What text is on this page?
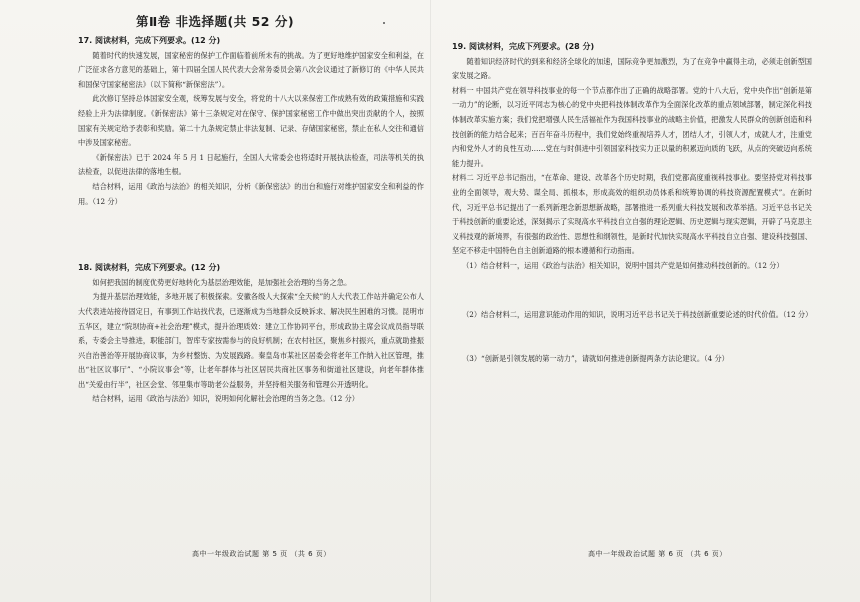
第Ⅱ卷 非选择题(共 52 分)

17. 阅读材料，完成下列要求。(12 分)

随着时代的快速发展，国家秘密的保护工作面临着前所未有的挑战。为了更好地维护国家安全和利益，在广泛征求各方意见的基础上，第十四届全国人民代表大会常务委员会第八次会议通过了新修订的《中华人民共和国保守国家秘密法》（以下简称“新保密法”）。

此次修订坚持总体国家安全观，统筹发展与安全，将党的十八大以来保密工作成熟有效的政策措施和实践经验上升为法律制度。《新保密法》第十三条规定对在保守、保护国家秘密工作中做出突出贡献的个人，按照国家有关规定给予表彰和奖励。第二十九条规定禁止非法复制、记录、存储国家秘密，禁止在私人交往和通信中涉及国家秘密。

《新保密法》已于 2024 年 5 月 1 日起施行，全国人大常委会也将适时开展执法检查，司法等机关的执法检查，以促进法律的落地生根。

结合材料，运用《政治与法治》的相关知识，分析《新保密法》的出台和施行对维护国家安全和利益的作用。（12 分）

18. 阅读材料，完成下列要求。(12 分)

如何把我国的制度优势更好地转化为基层治理效能，是加强社会治理的当务之急。

为提升基层治理效能，多地开展了积极探索。安徽各级人大探索“全天候”的人大代表工作站并确定公布人大代表进站接待固定日，有事到工作站找代表，已逐渐成为当地群众反映诉求、解决民生困难的习惯。昆明市五华区，建立“院坝协商+社会治理”模式，提升治理质效：建立工作协同平台，形成政协主席会议成员指导联系，专委会主导推进，职能部门，智库专家按需参与的良好机制；在农村社区，聚焦乡村振兴，重点就助推振兴自治善治等开展协商议事，为乡村整饬、为发展践路。秦皇岛市某社区居委会将老年工作纳入社区管理，推出“社区议事厅”、“小院议事会”等，让老年群体与社区居民共商社区事务和街道社区建设，向老年群体推出“关爱由行半”，社区会堂、邻里集市等助老公益服务，并坚持相关服务和管理公开透明化。

结合材料，运用《政治与法治》知识，说明如何化解社会治理的当务之急。（12 分）

19. 阅读材料，完成下列要求。(28 分)

随着知识经济时代的到来和经济全球化的加速，国际竞争更加激烈，为了在竞争中赢得主动，必须走创新型国家发展之路。

材料一 中国共产党在领导科技事业的每一个节点都作出了正确的战略部署。党的十八大后，党中央作出“创新是第一动力”的论断，以习近平同志为核心的党中央把科技体制改革作为全面深化改革的重点领域部署，制定深化科技体制改革实施方案；我们党把增强人民生活福祉作为我国科技事业的战略主价值，把激发人民群众的创新创造和科技创新的能力结合起来；百百年奋斗历程中，我们党始终重视培养人才，团结人才，引领人才，成就人才，注重党内和党外人才的良性互动……党在与时俱进中引领国家科技实力正以量的积累迈向质的飞跃，从点的突破迈向系统能力提升。

材料二 习近平总书记指出，“在革命、建设、改革各个历史时期，我们党都高度重视科技事业。要坚持党对科技事业的全面领导，观大势、谋全局、抓根本，形成高效的组织动员体系和统筹协调的科技资源配置模式”。在新时代，习近平总书记提出了一系列新理念新思想新战略，部署推进一系列重大科技发展和改革举措。习近平总书记关于科技创新的重要论述，深刻揭示了实现高水平科技自立自强的理论逻辑、历史逻辑与现实逻辑，开辟了马克思主义科技观的新境界，有很强的政治性、思想性和纲领性，是新时代加快实现高水平科技自立自强、建设科技强国、坚定不移走中国特色自主创新道路的根本遵循和行动指南。

（1）结合材料一，运用《政治与法治》相关知识，说明中国共产党是如何推动科技创新的。（12 分）

（2）结合材料二，运用意识能动作用的知识，说明习近平总书记关于科技创新重要论述的时代价值。（12 分）

（3）“创新是引领发展的第一动力”，请就如何推进创新提两条方法论建议。（4 分）

高中一年级政治试题 第 5 页 （共 6 页）	高中一年级政治试题 第 6 页 （共 6 页）
